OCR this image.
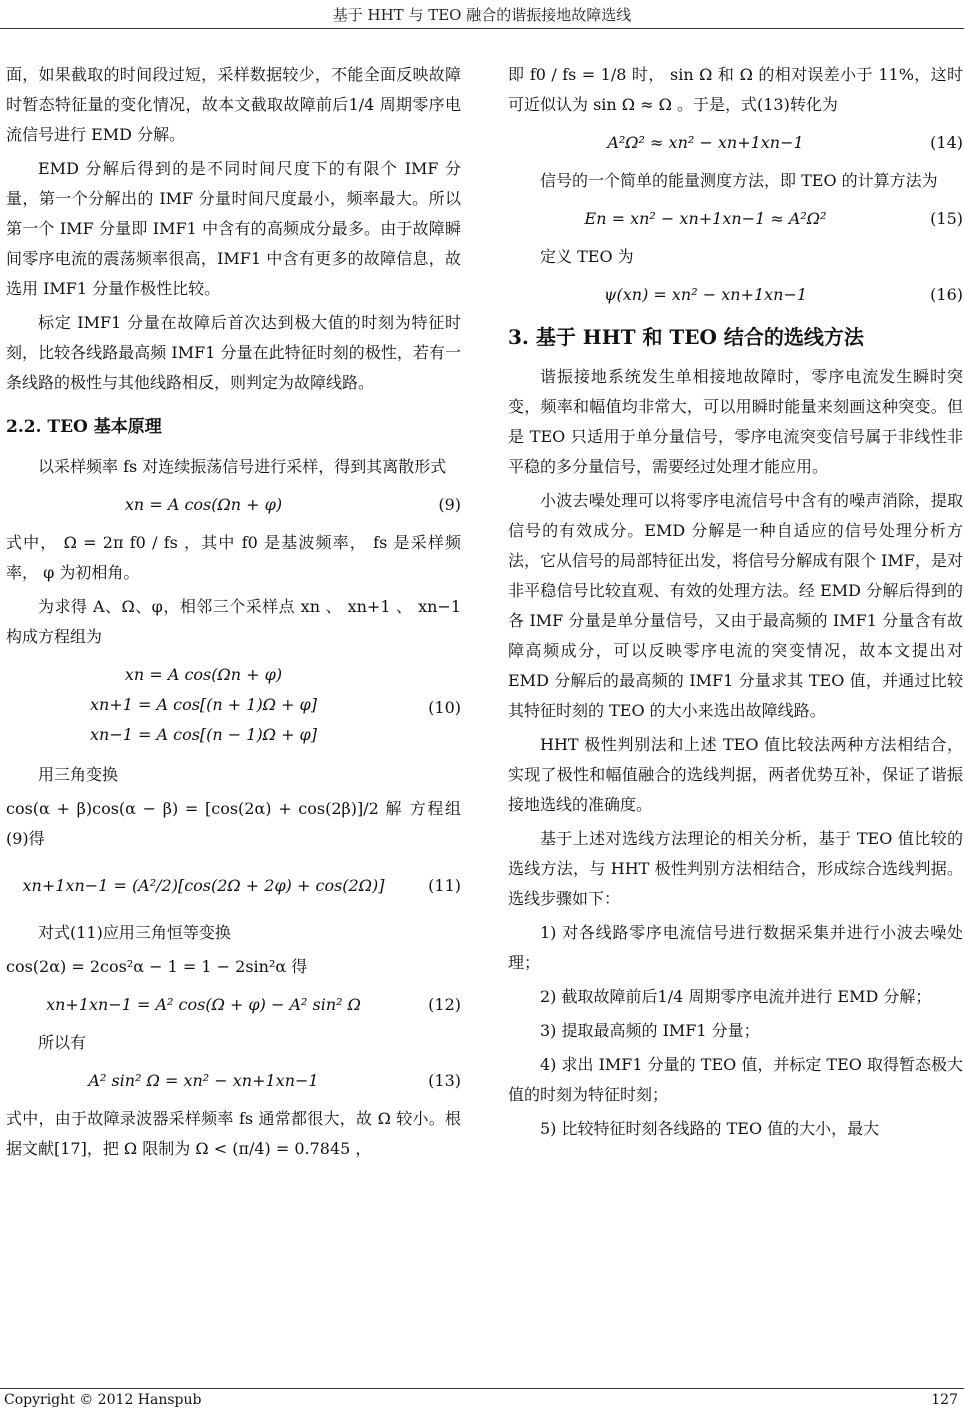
基于 HHT 与 TEO 融合的谐振接地故障选线

面，如果截取的时间段过短，采样数据较少，不能全面反映故障时暂态特征量的变化情况，故本文截取故障前后1/4 周期零序电流信号进行 EMD 分解。

EMD 分解后得到的是不同时间尺度下的有限个 IMF 分量，第一个分解出的 IMF 分量时间尺度最小，频率最大。所以第一个 IMF 分量即 IMF1 中含有的高频成分最多。由于故障瞬间零序电流的震荡频率很高，IMF1 中含有更多的故障信息，故选用 IMF1 分量作极性比较。

标定 IMF1 分量在故障后首次达到极大值的时刻为特征时刻，比较各线路最高频 IMF1 分量在此特征时刻的极性，若有一条线路的极性与其他线路相反，则判定为故障线路。

2.2. TEO 基本原理

以采样频率 fs 对连续振荡信号进行采样，得到其离散形式

xn = A cos(Ωn + φ)	(9)

式中， Ω = 2π f0 / fs ，其中 f0 是基波频率， fs 是采样频率， φ 为初相角。

为求得 A、Ω、φ，相邻三个采样点 xn 、 xn+1 、 xn−1 构成方程组为

xn = A cos(Ωn + φ)
xn+1 = A cos[(n + 1)Ω + φ]
xn−1 = A cos[(n − 1)Ω + φ]
(10)

用三角变换

cos(α + β)cos(α − β) = [cos(2α) + cos(2β)]/2 解 方程组(9)得

xn+1xn−1 = (A²/2)[cos(2Ω + 2φ) + cos(2Ω)]	(11)

对式(11)应用三角恒等变换

cos(2α) = 2cos²α − 1 = 1 − 2sin²α 得

xn+1xn−1 = A² cos(Ω + φ) − A² sin² Ω	(12)

所以有

A² sin² Ω = xn² − xn+1xn−1	(13)

式中，由于故障录波器采样频率 fs 通常都很大，故 Ω 较小。根据文献[17]，把 Ω 限制为 Ω < (π/4) = 0.7845 ，

即 f0 / fs = 1/8 时， sin Ω 和 Ω 的相对误差小于 11%，这时可近似认为 sin Ω ≈ Ω 。于是，式(13)转化为

A²Ω² ≈ xn² − xn+1xn−1	(14)

信号的一个简单的能量测度方法，即 TEO 的计算方法为

En = xn² − xn+1xn−1 ≈ A²Ω²	(15)

定义 TEO 为

ψ(xn) = xn² − xn+1xn−1	(16)
3. 基于 HHT 和 TEO 结合的选线方法

谐振接地系统发生单相接地故障时，零序电流发生瞬时突变，频率和幅值均非常大，可以用瞬时能量来刻画这种突变。但是 TEO 只适用于单分量信号，零序电流突变信号属于非线性非平稳的多分量信号，需要经过处理才能应用。

小波去噪处理可以将零序电流信号中含有的噪声消除，提取信号的有效成分。EMD 分解是一种自适应的信号处理分析方法，它从信号的局部特征出发，将信号分解成有限个 IMF，是对非平稳信号比较直观、有效的处理方法。经 EMD 分解后得到的各 IMF 分量是单分量信号，又由于最高频的 IMF1 分量含有故障高频成分，可以反映零序电流的突变情况，故本文提出对 EMD 分解后的最高频的 IMF1 分量求其 TEO 值，并通过比较其特征时刻的 TEO 的大小来选出故障线路。

HHT 极性判别法和上述 TEO 值比较法两种方法相结合，实现了极性和幅值融合的选线判据，两者优势互补，保证了谐振接地选线的准确度。

基于上述对选线方法理论的相关分析，基于 TEO 值比较的选线方法，与 HHT 极性判别方法相结合，形成综合选线判据。选线步骤如下：

1) 对各线路零序电流信号进行数据采集并进行小波去噪处理；

2) 截取故障前后1/4 周期零序电流并进行 EMD 分解；

3) 提取最高频的 IMF1 分量；

4) 求出 IMF1 分量的 TEO 值，并标定 TEO 取得暂态极大值的时刻为特征时刻；

5) 比较特征时刻各线路的 TEO 值的大小，最大

Copyright © 2012 Hanspub	127
